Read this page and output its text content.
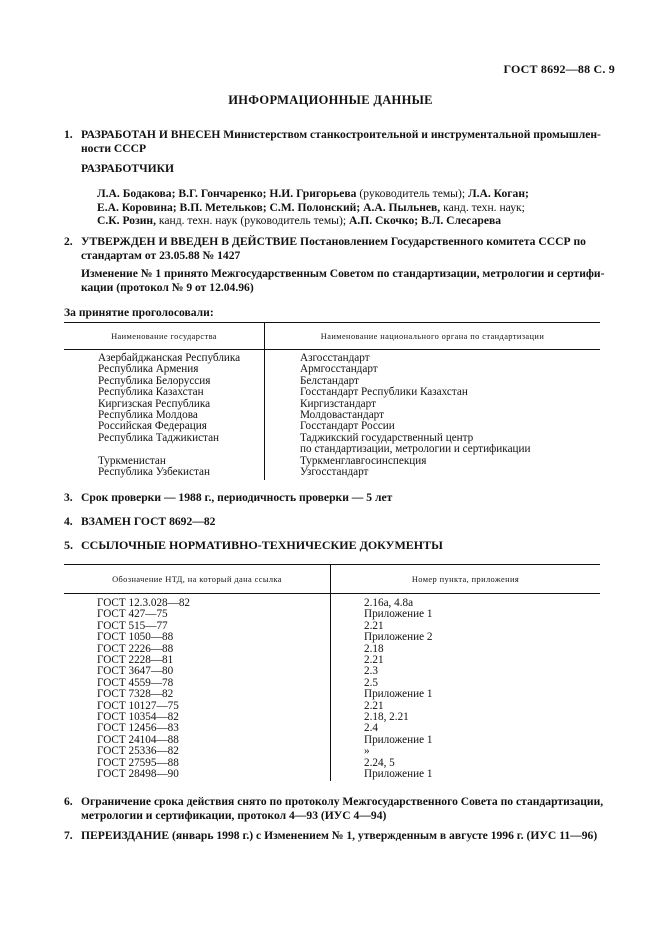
ГОСТ 8692—88 С. 9
ИНФОРМАЦИОННЫЕ ДАННЫЕ
1. РАЗРАБОТАН И ВНЕСЕН Министерством станкостроительной и инструментальной промышлен-
ности СССР
РАЗРАБОТЧИКИ
Л.А. Бодакова; В.Г. Гончаренко; Н.И. Григорьева (руководитель темы); Л.А. Коган;
Е.А. Коровина; В.П. Метельков; С.М. Полонский; А.А. Пыльнев, канд. техн. наук;
С.К. Розин, канд. техн. наук (руководитель темы); А.П. Скочко; В.Л. Слесарева
2. УТВЕРЖДЕН И ВВЕДЕН В ДЕЙСТВИЕ Постановлением Государственного комитета СССР по
стандартам от 23.05.88 № 1427
Изменение № 1 принято Межгосударственным Советом по стандартизации, метрологии и сертифи-
кации (протокол № 9 от 12.04.96)
За принятие проголосовали:
Наименование государства	Наименование национального органа по стандартизации
Азербайджанская Республика	Азгосстандарт
Республика Армения	Армгосстандарт
Республика Белоруссия	Белстандарт
Республика Казахстан	Госстандарт Республики Казахстан
Киргизская Республика	Киргизстандарт
Республика Молдова	Молдовастандарт
Российская Федерация	Госстандарт России
Республика Таджикистан	Таджикский государственный центр
	по стандартизации, метрологии и сертификации
Туркменистан	Туркменглавгосинспекция
Республика Узбекистан	Узгосстандарт
3. Срок проверки — 1988 г., периодичность проверки — 5 лет
4. ВЗАМЕН ГОСТ 8692—82
5. ССЫЛОЧНЫЕ НОРМАТИВНО-ТЕХНИЧЕСКИЕ ДОКУМЕНТЫ
Обозначение НТД, на который дана ссылка	Номер пункта, приложения
ГОСТ 12.3.028—82	2.16а, 4.8а
ГОСТ 427—75	Приложение 1
ГОСТ 515—77	2.21
ГОСТ 1050—88	Приложение 2
ГОСТ 2226—88	2.18
ГОСТ 2228—81	2.21
ГОСТ 3647—80	2.3
ГОСТ 4559—78	2.5
ГОСТ 7328—82	Приложение 1
ГОСТ 10127—75	2.21
ГОСТ 10354—82	2.18, 2.21
ГОСТ 12456—83	2.4
ГОСТ 24104—88	Приложение 1
ГОСТ 25336—82	»
ГОСТ 27595—88	2.24, 5
ГОСТ 28498—90	Приложение 1
6. Ограничение срока действия снято по протоколу Межгосударственного Совета по стандартизации,
метрологии и сертификации, протокол 4—93 (ИУС 4—94)
7. ПЕРЕИЗДАНИЕ (январь 1998 г.) с Изменением № 1, утвержденным в августе 1996 г. (ИУС 11—96)
